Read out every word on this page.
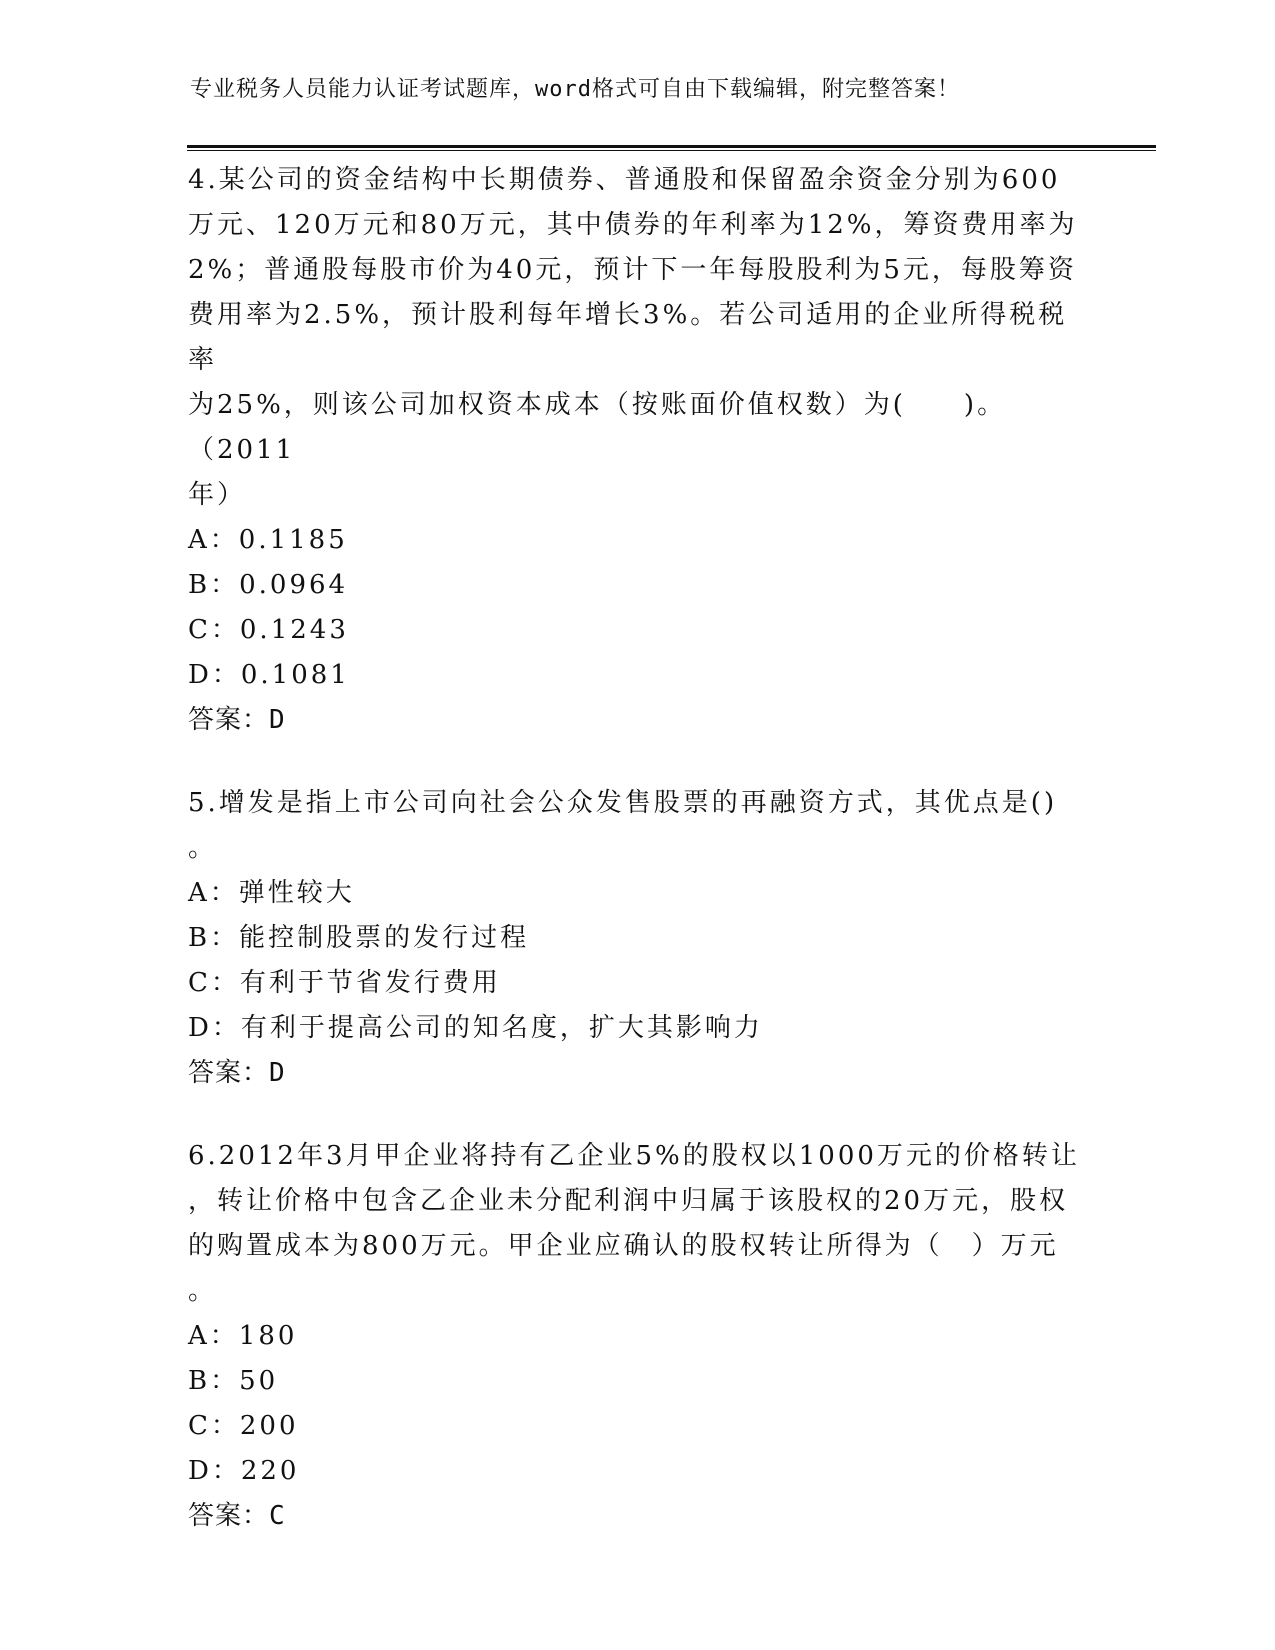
专业税务人员能力认证考试题库，word格式可自由下载编辑，附完整答案！

4.某公司的资金结构中长期债券、普通股和保留盈余资金分别为600

万元、120万元和80万元，其中债券的年利率为12%，筹资费用率为

2%；普通股每股市价为40元，预计下一年每股股利为5元，每股筹资

费用率为2.5%，预计股利每年增长3%。若公司适用的企业所得税税率

为25%，则该公司加权资本成本（按账面价值权数）为(　　)。（2011

年）

A：0.1185

B：0.0964

C：0.1243

D：0.1081

答案：D

5.增发是指上市公司向社会公众发售股票的再融资方式，其优点是()

。

A：弹性较大

B：能控制股票的发行过程

C：有利于节省发行费用

D：有利于提高公司的知名度，扩大其影响力

答案：D

6.2012年3月甲企业将持有乙企业5%的股权以1000万元的价格转让

，转让价格中包含乙企业未分配利润中归属于该股权的20万元，股权

的购置成本为800万元。甲企业应确认的股权转让所得为（　）万元

。

A：180

B：50

C：200

D：220

答案：C
